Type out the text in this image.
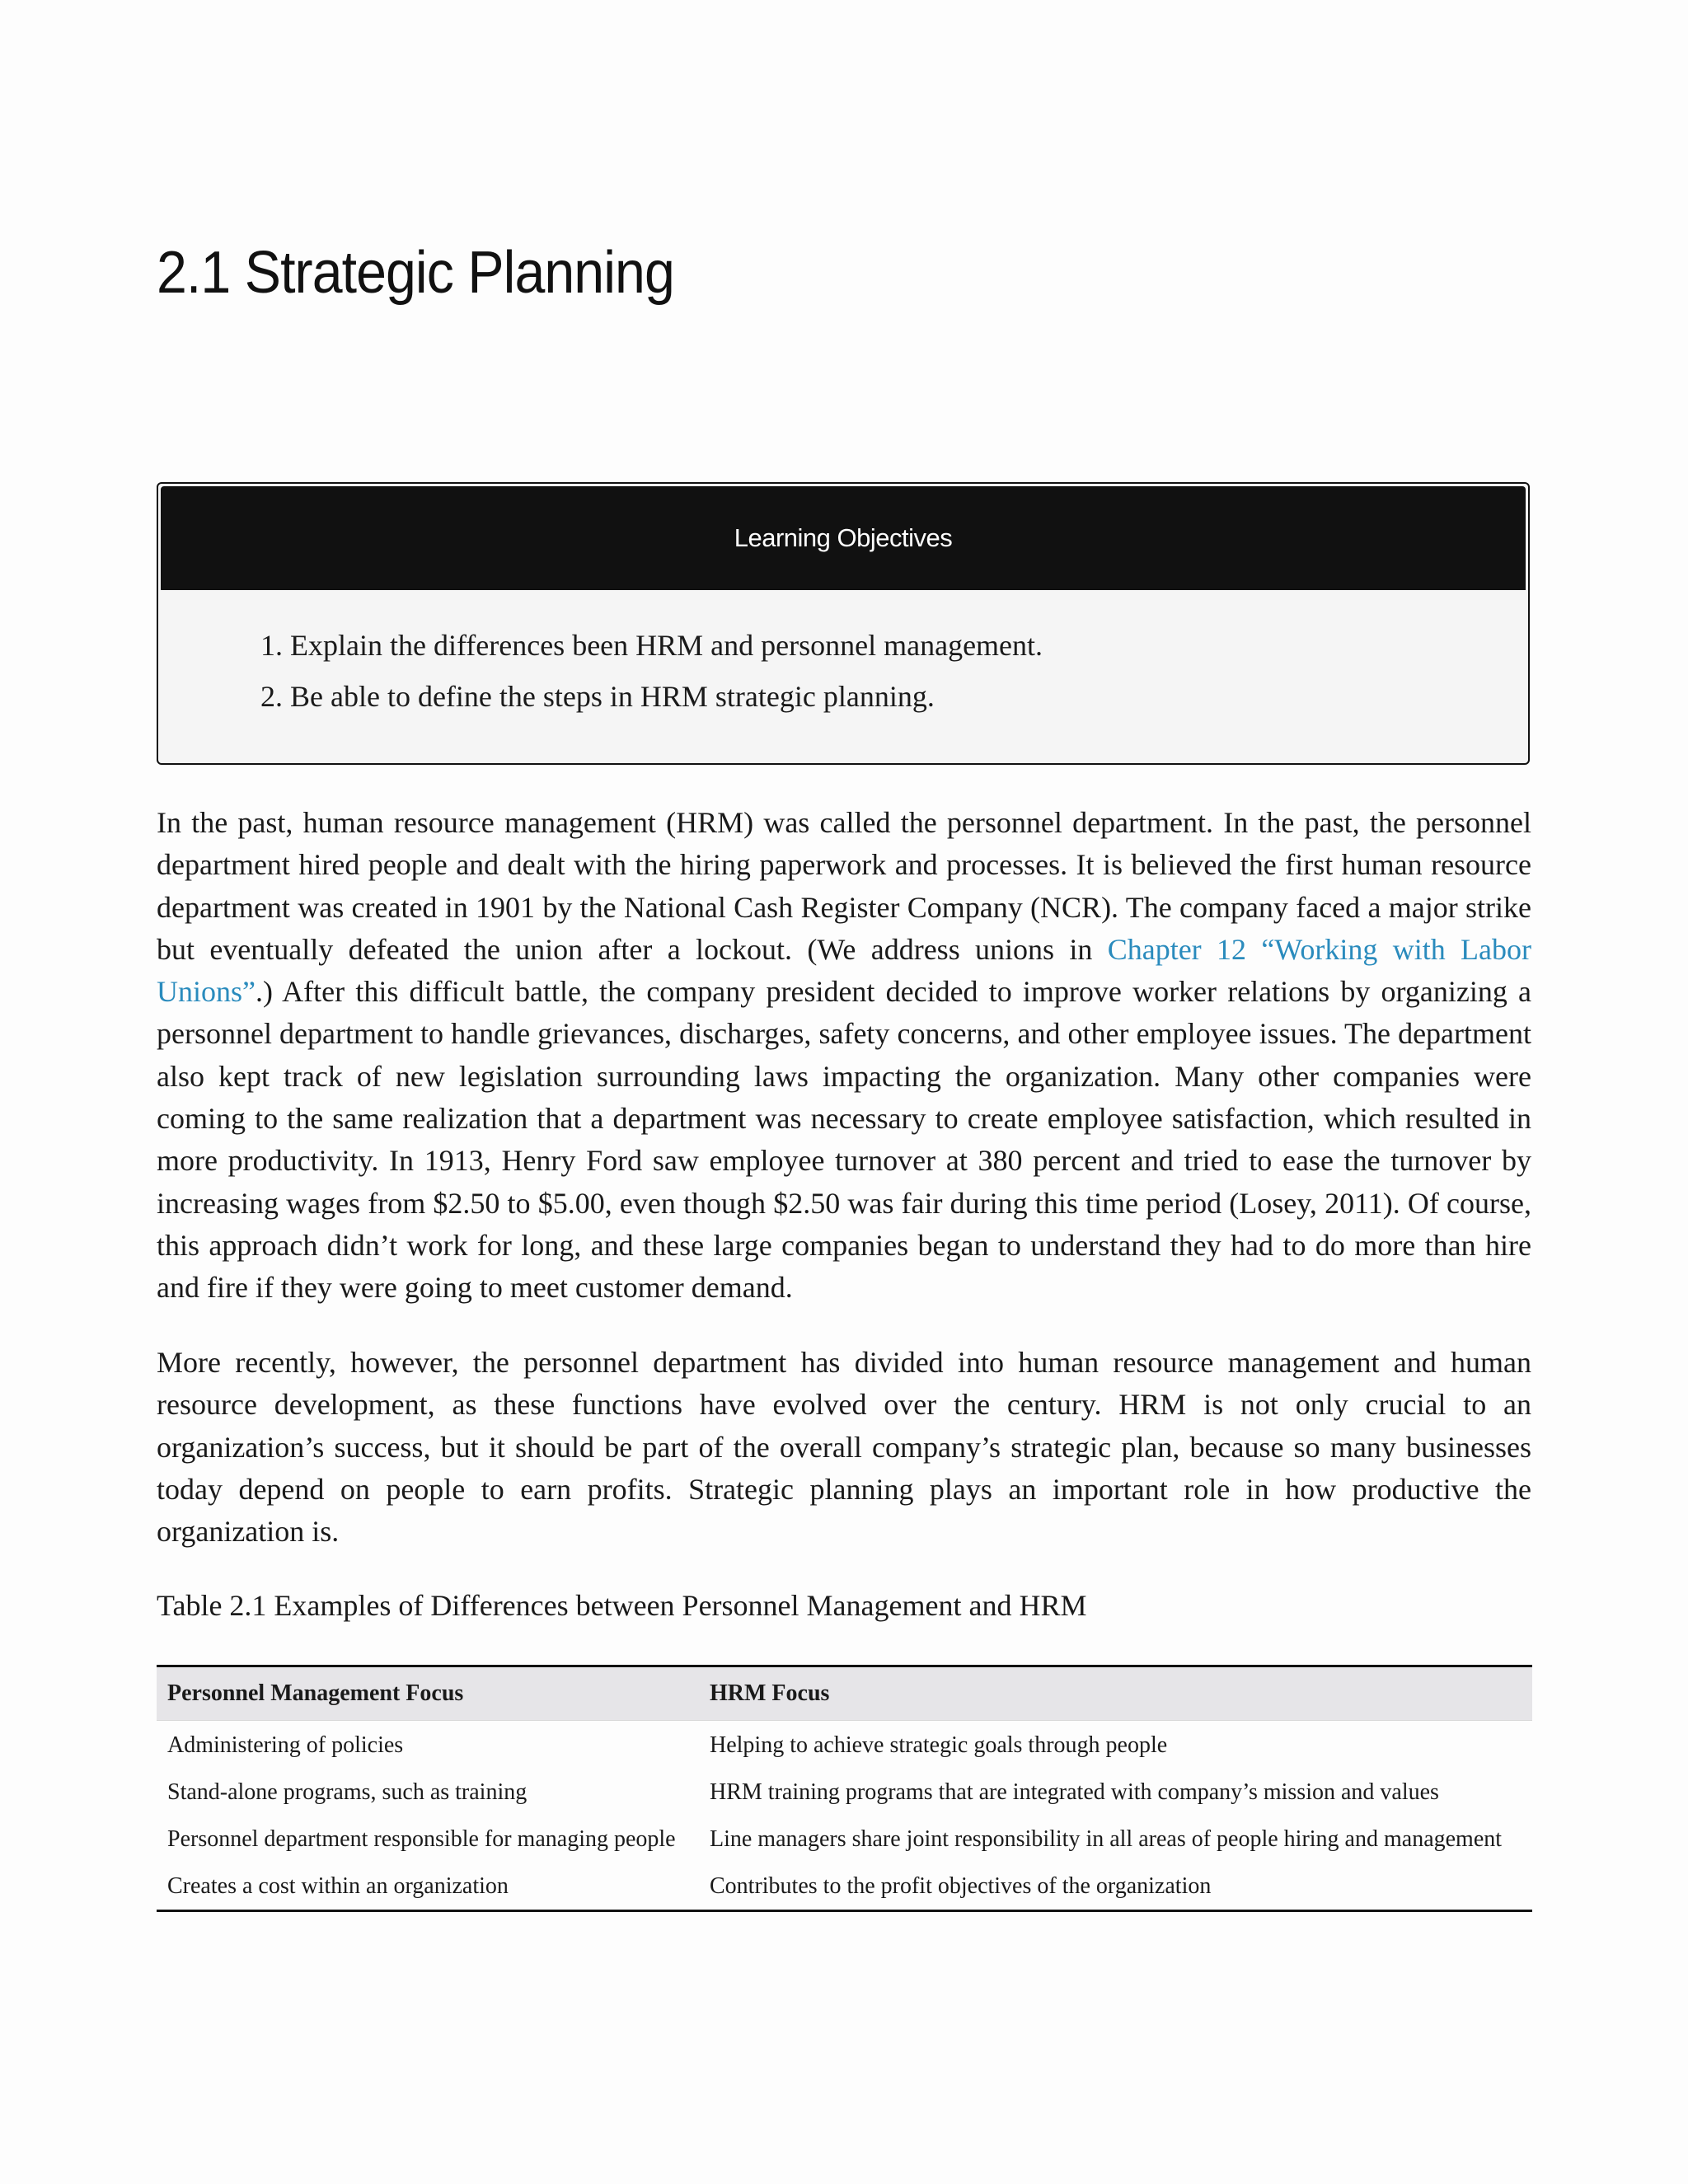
2.1 Strategic Planning
Learning Objectives
1. Explain the differences been HRM and personnel management.
2. Be able to define the steps in HRM strategic planning.

In the past, human resource management (HRM) was called the personnel department. In the past, the personnel department hired people and dealt with the hiring paperwork and processes. It is believed the first human resource department was created in 1901 by the National Cash Register Company (NCR). The company faced a major strike but eventually defeated the union after a lockout. (We address unions in Chapter 12 “Working with Labor Unions”.) After this difficult battle, the company president decided to improve worker relations by organizing a personnel department to handle grievances, discharges, safety concerns, and other employee issues. The department also kept track of new legislation surrounding laws impacting the organization. Many other companies were coming to the same realization that a department was necessary to create employee satisfaction, which resulted in more productivity. In 1913, Henry Ford saw employee turnover at 380 percent and tried to ease the turnover by increasing wages from $2.50 to $5.00, even though $2.50 was fair during this time period (Losey, 2011). Of course, this approach didn’t work for long, and these large companies began to understand they had to do more than hire and fire if they were going to meet customer demand.

More recently, however, the personnel department has divided into human resource management and human resource development, as these functions have evolved over the century. HRM is not only crucial to an organization’s success, but it should be part of the overall company’s strategic plan, because so many businesses today depend on people to earn profits. Strategic planning plays an important role in how productive the organization is.

Table 2.1 Examples of Differences between Personnel Management and HRM

Personnel Management Focus	HRM Focus
Administering of policies	Helping to achieve strategic goals through people
Stand-alone programs, such as training	HRM training programs that are integrated with company’s mission and values
Personnel department responsible for managing people	Line managers share joint responsibility in all areas of people hiring and management
Creates a cost within an organization	Contributes to the profit objectives of the organization
